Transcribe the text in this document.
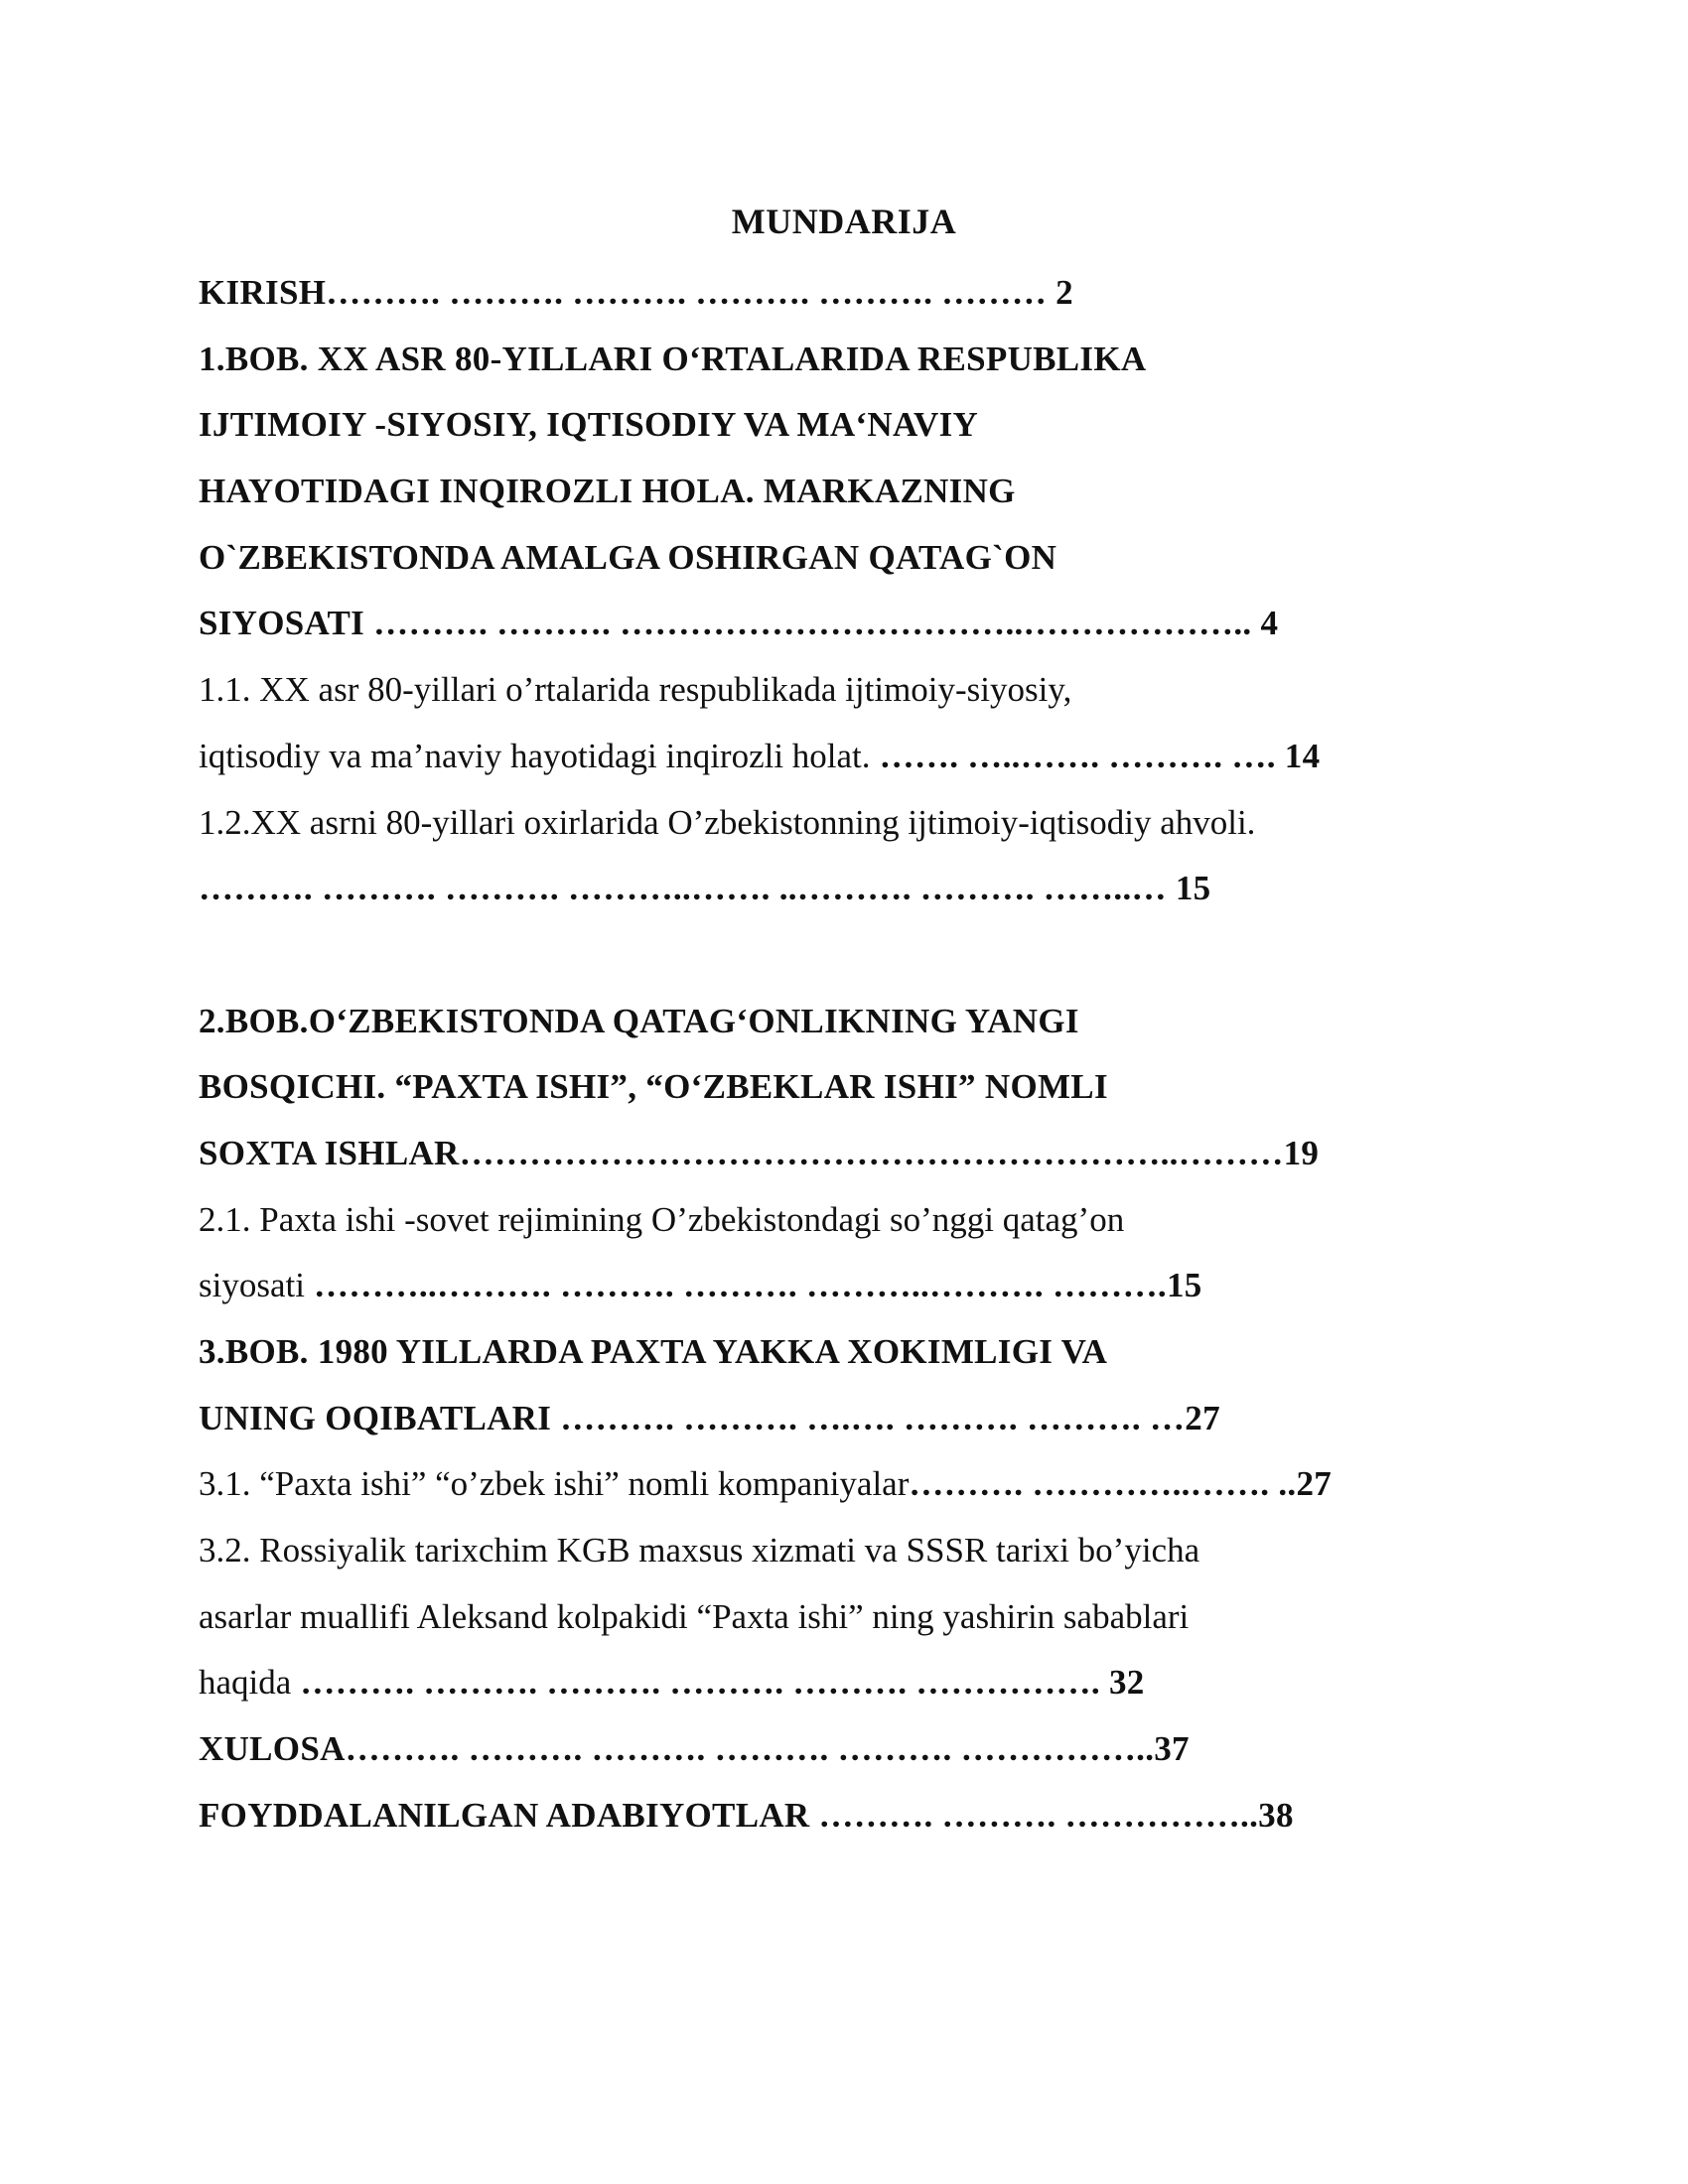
MUNDARIJA
KIRISH………. ………. ………. ………. ………. ……… 2
1.BOB. XX ASR 80-YILLARI O‘RTALARIDA RESPUBLIKA
IJTIMOIY -SIYOSIY, IQTISODIY VA MA‘NAVIY
HAYOTIDAGI INQIROZLI HOLA. MARKAZNING
O`ZBEKISTONDA AMALGA OSHIRGAN QATAG`ON
SIYOSATI ………. ………. ……………………………..……………….. 4
1.1. XX asr 80-yillari o’rtalarida respublikada ijtimoiy-siyosiy,
iqtisodiy va ma’naviy hayotidagi inqirozli holat. ……. …..……. ………. …. 14
1.2.XX asrni 80-yillari oxirlarida O’zbekistonning ijtimoiy-iqtisodiy ahvoli.
………. ………. ………. ………..……. ..………. ………. ……..… 15
2.BOB.O‘ZBEKISTONDA QATAG‘ONLIKNING YANGI
BOSQICHI. “PAXTA ISHI”, “O‘ZBEKLAR ISHI” NOMLI
SOXTA ISHLAR……………………………………………………..………19
2.1. Paxta ishi -sovet rejimining O’zbekistondagi so’nggi qatag’on
siyosati ………..………. ………. ………. ………..………. ……….15
3.BOB. 1980 YILLARDA PAXTA YAKKA XOKIMLIGI VA
UNING OQIBATLARI ………. ………. ….…. ………. ………. …27
3.1. “Paxta ishi” “o’zbek ishi” nomli kompaniyalar………. …………..……. ..27
3.2. Rossiyalik tarixchim KGB maxsus xizmati va SSSR tarixi bo’yicha
asarlar muallifi Aleksand kolpakidi “Paxta ishi” ning yashirin sabablari
haqida ………. ………. ………. ………. ………. ……………. 32
XULOSA………. ………. ………. ………. ………. ……………..37
FOYDDALANILGAN ADABIYOTLAR ………. ………. ……………..38
